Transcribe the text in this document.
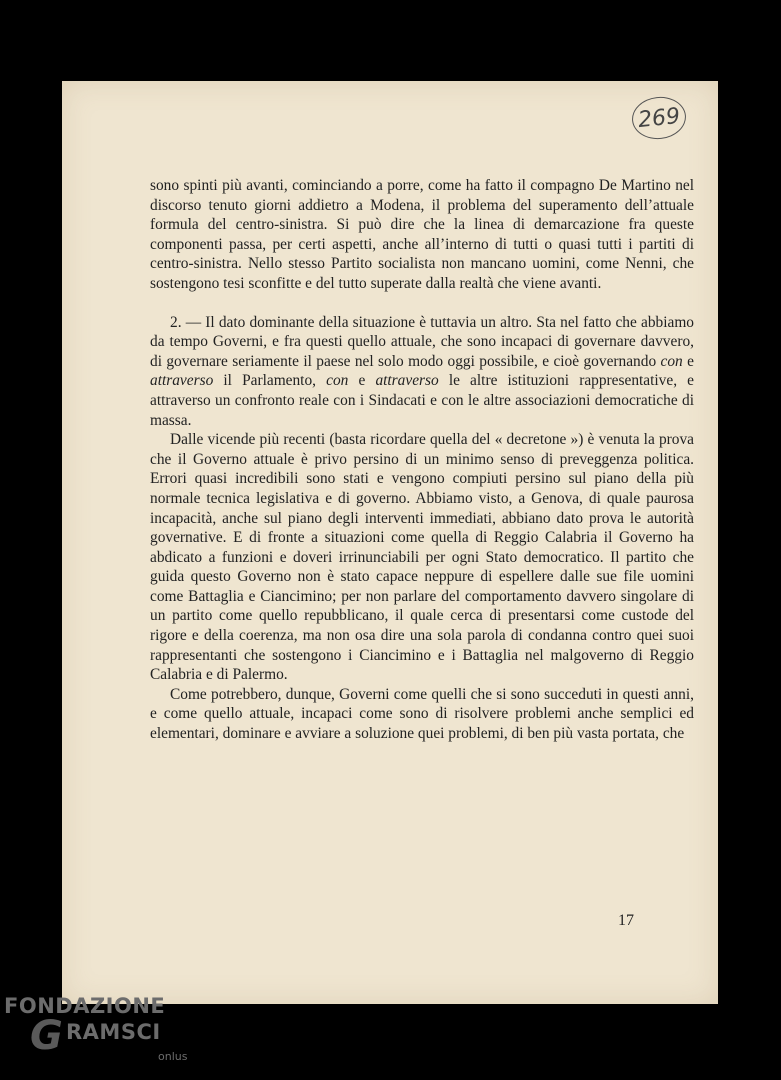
269

sono spinti più avanti, cominciando a porre, come ha fatto il compagno De Martino nel discorso tenuto giorni addietro a Modena, il problema del superamento dell’attuale formula del centro-sinistra. Si può dire che la linea di demarcazione fra queste componenti passa, per certi aspetti, anche all’interno di tutti o quasi tutti i partiti di centro-sinistra. Nello stesso Partito socialista non mancano uomini, come Nenni, che sostengono tesi sconfitte e del tutto superate dalla realtà che viene avanti.

2. — Il dato dominante della situazione è tuttavia un altro. Sta nel fatto che abbiamo da tempo Governi, e fra questi quello attuale, che sono incapaci di governare davvero, di governare seriamente il paese nel solo modo oggi possibile, e cioè governando con e attraverso il Parlamento, con e attraverso le altre istituzioni rappresentative, e attraverso un confronto reale con i Sindacati e con le altre associazioni democratiche di massa.

Dalle vicende più recenti (basta ricordare quella del « decretone ») è venuta la prova che il Governo attuale è privo persino di un minimo senso di preveggenza politica. Errori quasi incredibili sono stati e vengono compiuti persino sul piano della più normale tecnica legislativa e di governo. Abbiamo visto, a Genova, di quale paurosa incapacità, anche sul piano degli interventi immediati, abbiano dato prova le autorità governative. E di fronte a situazioni come quella di Reggio Calabria il Governo ha abdicato a funzioni e doveri irrinunciabili per ogni Stato democratico. Il partito che guida questo Governo non è stato capace neppure di espellere dalle sue file uomini come Battaglia e Ciancimino; per non parlare del comportamento davvero singolare di un partito come quello repubblicano, il quale cerca di presentarsi come custode del rigore e della coerenza, ma non osa dire una sola parola di condanna contro quei suoi rappresentanti che sostengono i Ciancimino e i Battaglia nel malgoverno di Reggio Calabria e di Palermo.

Come potrebbero, dunque, Governi come quelli che si sono succeduti in questi anni, e come quello attuale, incapaci come sono di risolvere problemi anche semplici ed elementari, dominare e avviare a soluzione quei problemi, di ben più vasta portata, che

17
FONDAZIONE
G RAMSCI
onlus
